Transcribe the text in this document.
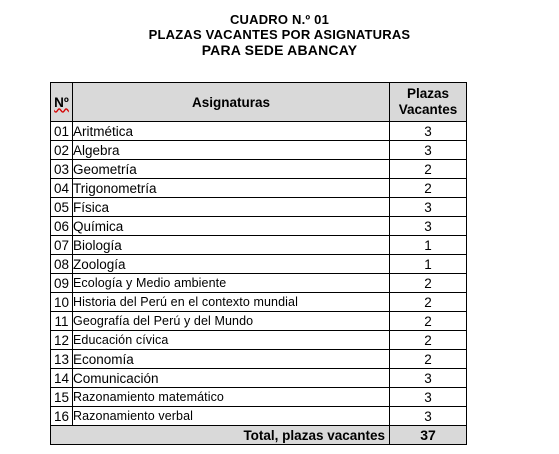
CUADRO N.º 01
PLAZAS VACANTES POR ASIGNATURAS
PARA SEDE ABANCAY
Nº	Asignaturas	Plazas
Vacantes

01	Aritmética	3
02	Algebra	3
03	Geometría	2
04	Trigonometría	2
05	Física	3
06	Química	3
07	Biología	1
08	Zoología	1
09	Ecología y Medio ambiente	2
10	Historia del Perú en el contexto mundial	2
11	Geografía del Perú y del Mundo	2
12	Educación cívica	2
13	Economía	2
14	Comunicación	3
15	Razonamiento matemático	3
16	Razonamiento verbal	3
Total, plazas vacantes		37
